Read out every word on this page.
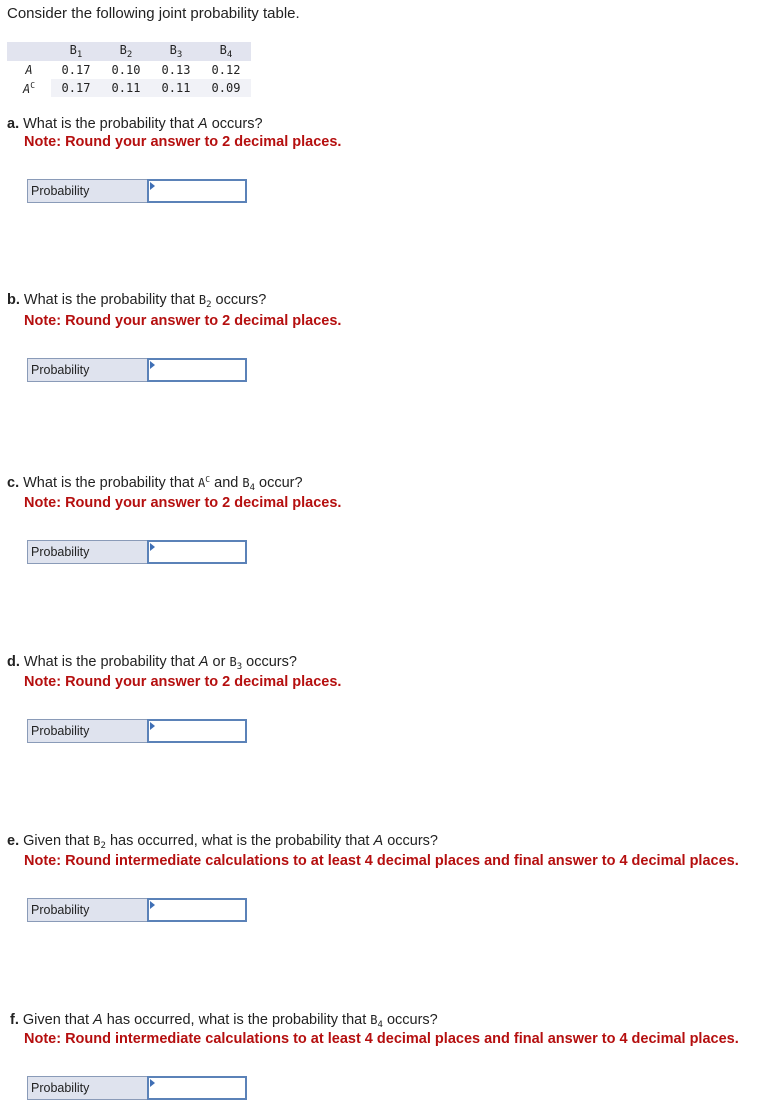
Consider the following joint probability table.
	$B_1$	$B_2$	$B_3$	$B_4$
A	0.17	0.10	0.13	0.12
$A^C$	0.17	0.11	0.11	0.09
a. What is the probability that A occurs?
Note: Round your answer to 2 decimal places.
Probability
b. What is the probability that $B_2$ occurs?
Note: Round your answer to 2 decimal places.
Probability
c. What is the probability that $A^C$ and $B_4$ occur?
Note: Round your answer to 2 decimal places.
Probability
d. What is the probability that A or $B_3$ occurs?
Note: Round your answer to 2 decimal places.
Probability
e. Given that $B_2$ has occurred, what is the probability that A occurs?
Note: Round intermediate calculations to at least 4 decimal places and final answer to 4 decimal places.
Probability
f. Given that A has occurred, what is the probability that $B_4$ occurs?
Note: Round intermediate calculations to at least 4 decimal places and final answer to 4 decimal places.
Probability
